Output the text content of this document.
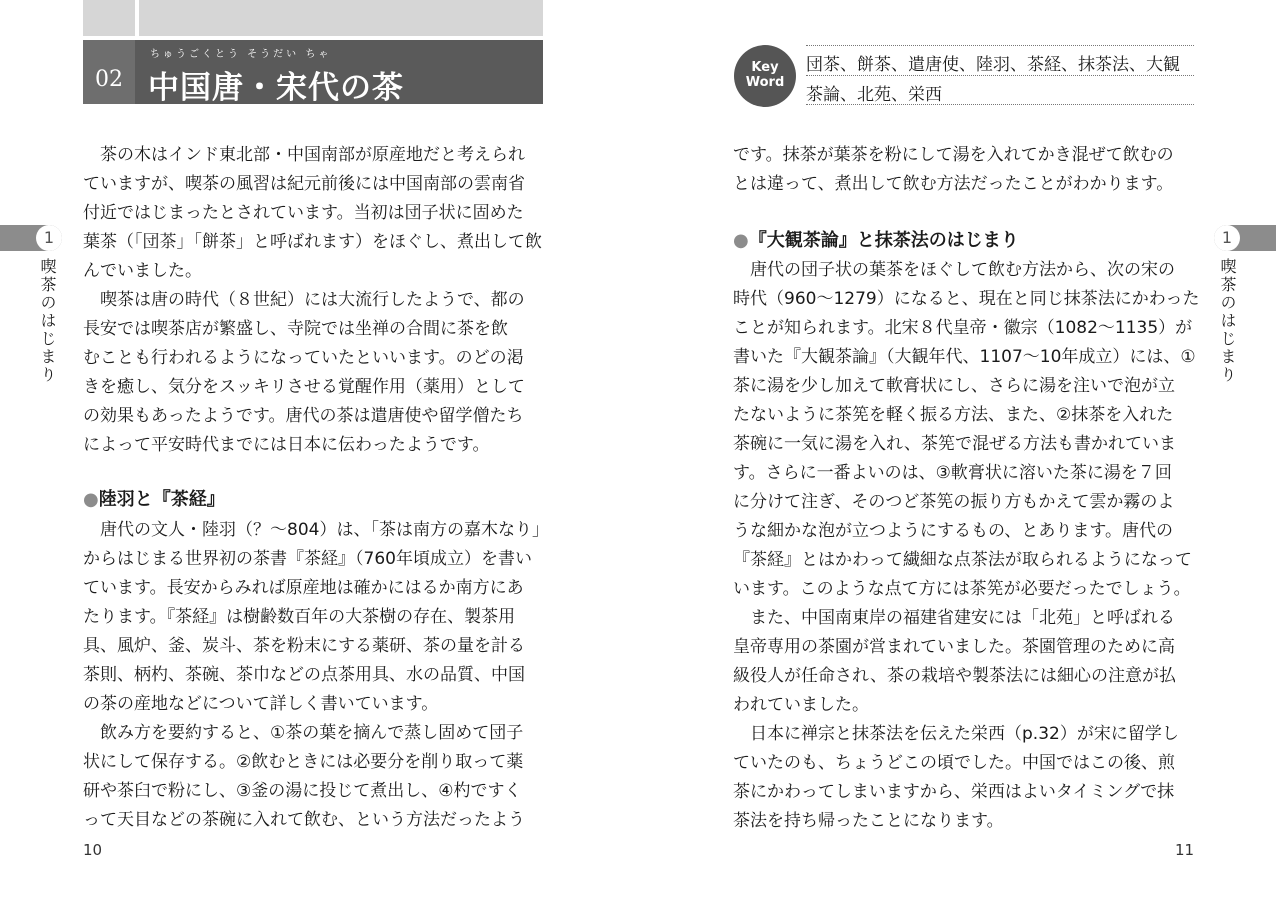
02
ちゅうごくとう そうだい ちゃ
中国唐・宋代の茶
1
喫茶のはじまり
　茶の木はインド東北部・中国南部が原産地だと考えられ
ていますが、喫茶の風習は紀元前後には中国南部の雲南省
付近ではじまったとされています。当初は団子状に固めた
葉茶（「団茶」「餅茶」と呼ばれます）をほぐし、煮出して飲
んでいました。
　喫茶は唐の時代（８世紀）には大流行したようで、都の
長安では喫茶店が繁盛し、寺院では坐禅の合間に茶を飲
むことも行われるようになっていたといいます。のどの渇
きを癒し、気分をスッキリさせる覚醒作用（薬用）として
の効果もあったようです。唐代の茶は遣唐使や留学僧たち
によって平安時代までには日本に伝わったようです。
●陸羽と『茶経』
　唐代の文人・陸羽（？～804）は、「茶は南方の嘉木なり」
からはじまる世界初の茶書『茶経』（760年頃成立）を書い
ています。長安からみれば原産地は確かにはるか南方にあ
たります。『茶経』は樹齢数百年の大茶樹の存在、製茶用
具、風炉、釜、炭斗、茶を粉末にする薬研、茶の量を計る
茶則、柄杓、茶碗、茶巾などの点茶用具、水の品質、中国
の茶の産地などについて詳しく書いています。
　飲み方を要約すると、①茶の葉を摘んで蒸し固めて団子
状にして保存する。②飲むときには必要分を削り取って薬
研や茶臼で粉にし、③釜の湯に投じて煮出し、④杓ですく
って天目などの茶碗に入れて飲む、という方法だったよう
10
Key
Word
団茶、餅茶、遣唐使、陸羽、茶経、抹茶法、大観
茶論、北苑、栄西
1
喫茶のはじまり
です。抹茶が葉茶を粉にして湯を入れてかき混ぜて飲むの
とは違って、煮出して飲む方法だったことがわかります。
●『大観茶論』と抹茶法のはじまり
　唐代の団子状の葉茶をほぐして飲む方法から、次の宋の
時代（960～1279）になると、現在と同じ抹茶法にかわった
ことが知られます。北宋８代皇帝・徽宗（1082～1135）が
書いた『大観茶論』（大観年代、1107～10年成立）には、①
茶に湯を少し加えて軟膏状にし、さらに湯を注いで泡が立
たないように茶筅を軽く振る方法、また、②抹茶を入れた
茶碗に一気に湯を入れ、茶筅で混ぜる方法も書かれていま
す。さらに一番よいのは、③軟膏状に溶いた茶に湯を７回
に分けて注ぎ、そのつど茶筅の振り方もかえて雲か霧のよ
うな細かな泡が立つようにするもの、とあります。唐代の
『茶経』とはかわって繊細な点茶法が取られるようになって
います。このような点て方には茶筅が必要だったでしょう。
　また、中国南東岸の福建省建安には「北苑」と呼ばれる
皇帝専用の茶園が営まれていました。茶園管理のために高
級役人が任命され、茶の栽培や製茶法には細心の注意が払
われていました。
　日本に禅宗と抹茶法を伝えた栄西（p.32）が宋に留学し
ていたのも、ちょうどこの頃でした。中国ではこの後、煎
茶にかわってしまいますから、栄西はよいタイミングで抹
茶法を持ち帰ったことになります。
11
